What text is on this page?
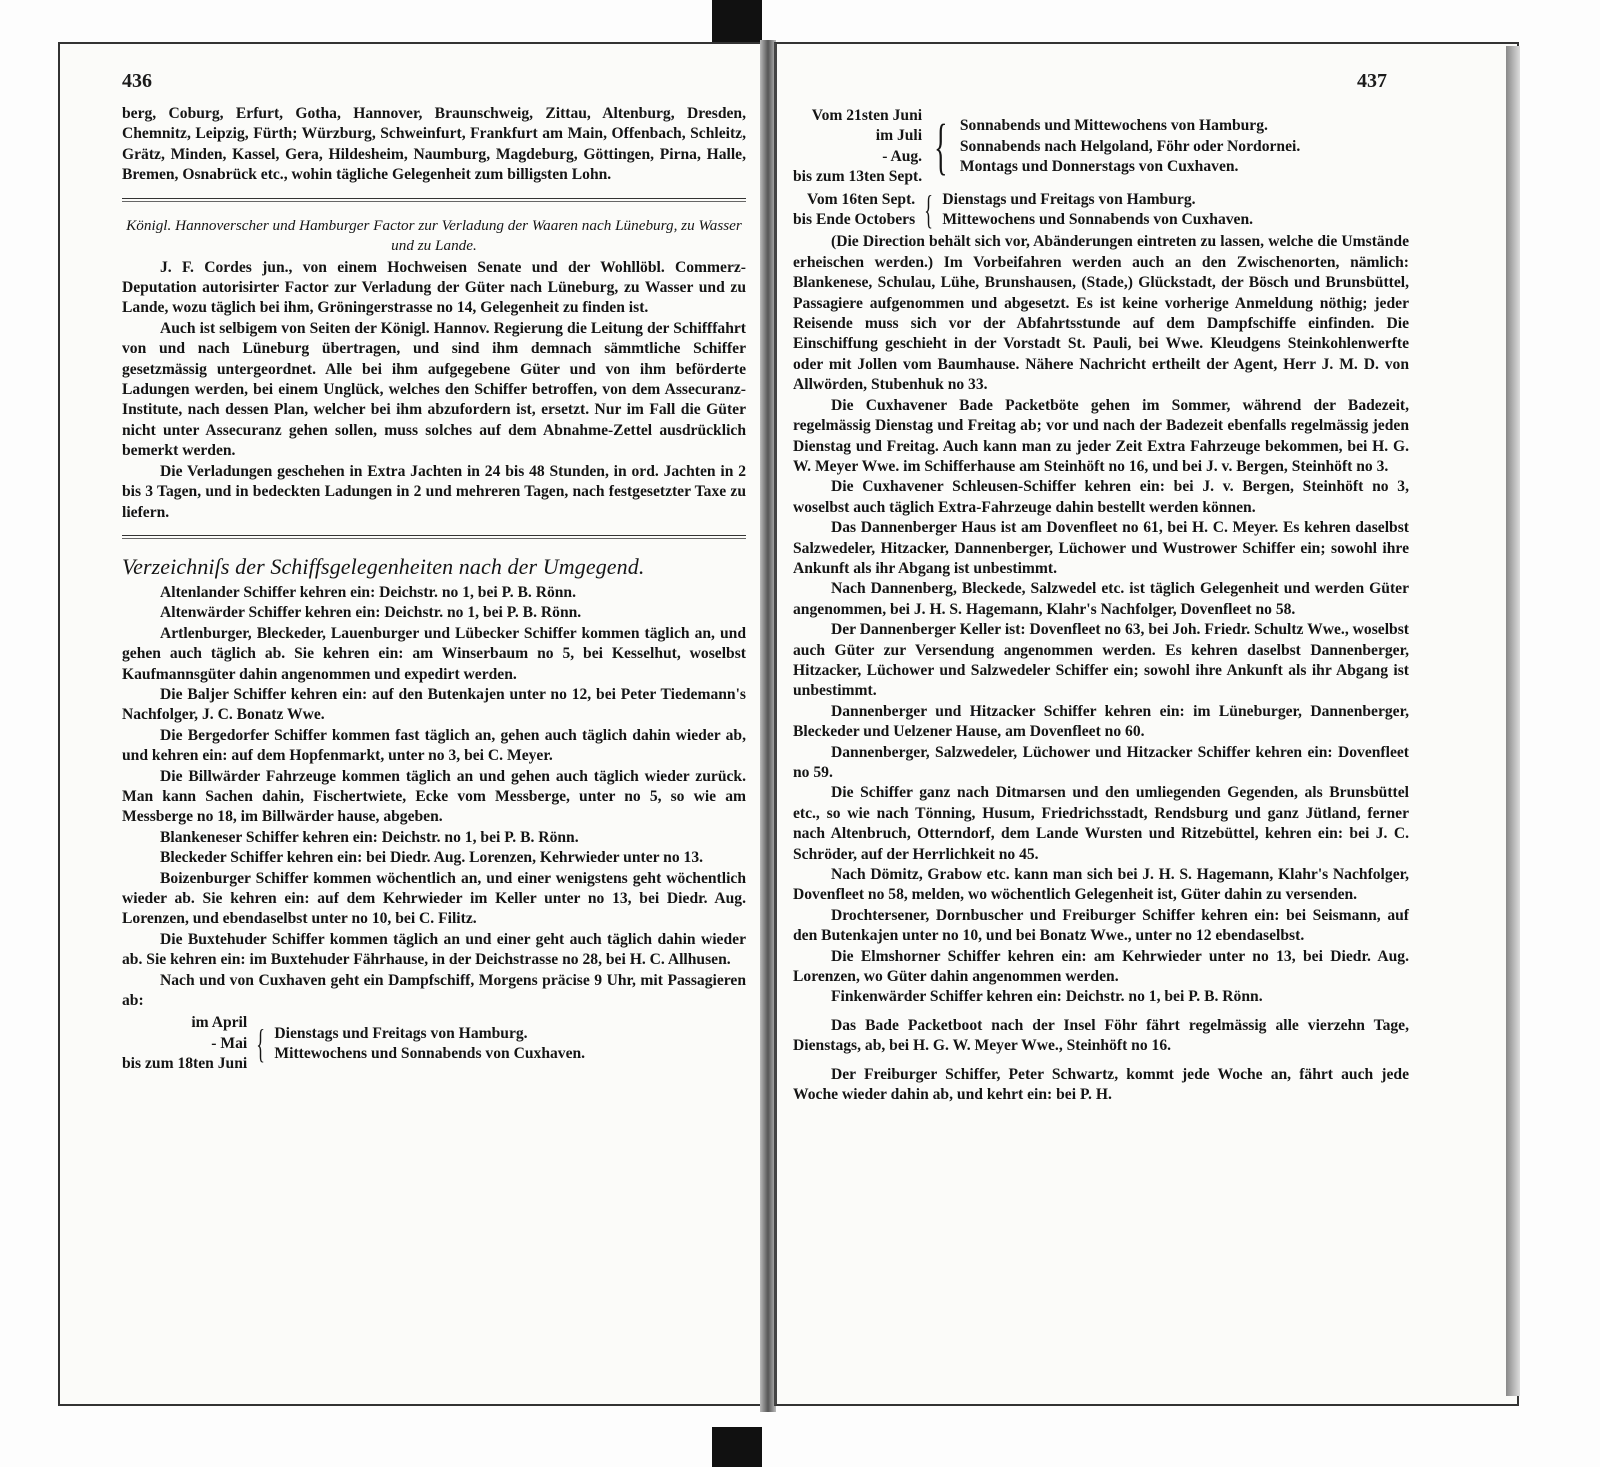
436

berg, Coburg, Erfurt, Gotha, Hannover, Braunschweig, Zittau, Altenburg, Dresden, Chemnitz, Leipzig, Fürth; Würzburg, Schweinfurt, Frankfurt am Main, Offenbach, Schleitz, Grätz, Minden, Kassel, Gera, Hildesheim, Naumburg, Magdeburg, Göttingen, Pirna, Halle, Bremen, Osnabrück etc., wohin tägliche Gelegenheit zum billigsten Lohn.

Königl. Hannoverscher und Hamburger Factor zur Verladung der Waaren nach Lüneburg, zu Wasser und zu Lande.

J. F. Cordes jun., von einem Hochweisen Senate und der Wohllöbl. Commerz-Deputation autorisirter Factor zur Verladung der Güter nach Lüneburg, zu Wasser und zu Lande, wozu täglich bei ihm, Gröningerstrasse no 14, Gelegenheit zu finden ist.

Auch ist selbigem von Seiten der Königl. Hannov. Regierung die Leitung der Schifffahrt von und nach Lüneburg übertragen, und sind ihm demnach sämmtliche Schiffer gesetzmässig untergeordnet. Alle bei ihm aufgegebene Güter und von ihm beförderte Ladungen werden, bei einem Unglück, welches den Schiffer betroffen, von dem Assecuranz-Institute, nach dessen Plan, welcher bei ihm abzufordern ist, ersetzt. Nur im Fall die Güter nicht unter Assecuranz gehen sollen, muss solches auf dem Abnahme-Zettel ausdrücklich bemerkt werden.

Die Verladungen geschehen in Extra Jachten in 24 bis 48 Stunden, in ord. Jachten in 2 bis 3 Tagen, und in bedeckten Ladungen in 2 und mehreren Tagen, nach festgesetzter Taxe zu liefern.

Verzeichniſs der Schiffsgelegenheiten nach der Umgegend.

Altenlander Schiffer kehren ein: Deichstr. no 1, bei P. B. Rönn.

Altenwärder Schiffer kehren ein: Deichstr. no 1, bei P. B. Rönn.

Artlenburger, Bleckeder, Lauenburger und Lübecker Schiffer kommen täglich an, und gehen auch täglich ab. Sie kehren ein: am Winserbaum no 5, bei Kesselhut, woselbst Kaufmannsgüter dahin angenommen und expedirt werden.

Die Baljer Schiffer kehren ein: auf den Butenkajen unter no 12, bei Peter Tiedemann's Nachfolger, J. C. Bonatz Wwe.

Die Bergedorfer Schiffer kommen fast täglich an, gehen auch täglich dahin wieder ab, und kehren ein: auf dem Hopfenmarkt, unter no 3, bei C. Meyer.

Die Billwärder Fahrzeuge kommen täglich an und gehen auch täglich wieder zurück. Man kann Sachen dahin, Fischertwiete, Ecke vom Messberge, unter no 5, so wie am Messberge no 18, im Billwärder hause, abgeben.

Blankeneser Schiffer kehren ein: Deichstr. no 1, bei P. B. Rönn.

Bleckeder Schiffer kehren ein: bei Diedr. Aug. Lorenzen, Kehrwieder unter no 13.

Boizenburger Schiffer kommen wöchentlich an, und einer wenigstens geht wöchentlich wieder ab. Sie kehren ein: auf dem Kehrwieder im Keller unter no 13, bei Diedr. Aug. Lorenzen, und ebendaselbst unter no 10, bei C. Filitz.

Die Buxtehuder Schiffer kommen täglich an und einer geht auch täglich dahin wieder ab. Sie kehren ein: im Buxtehuder Fährhause, in der Deichstrasse no 28, bei H. C. Allhusen.

Nach und von Cuxhaven geht ein Dampfschiff, Morgens präcise 9 Uhr, mit Passagieren ab:

im April
- Mai
bis zum 18ten Juni { Dienstags und Freitags von Hamburg.
Mittewochens und Sonnabends von Cuxhaven.
437
Vom 21sten Juni
im Juli
- Aug.
bis zum 13ten Sept. { Sonnabends und Mittewochens von Hamburg.
Sonnabends nach Helgoland, Föhr oder Nordornei.
Montags und Donnerstags von Cuxhaven.
Vom 16ten Sept.
bis Ende Octobers { Dienstags und Freitags von Hamburg.
Mittewochens und Sonnabends von Cuxhaven.

(Die Direction behält sich vor, Abänderungen eintreten zu lassen, welche die Umstände erheischen werden.) Im Vorbeifahren werden auch an den Zwischenorten, nämlich: Blankenese, Schulau, Lühe, Brunshausen, (Stade,) Glückstadt, der Bösch und Brunsbüttel, Passagiere aufgenommen und abgesetzt. Es ist keine vorherige Anmeldung nöthig; jeder Reisende muss sich vor der Abfahrtsstunde auf dem Dampfschiffe einfinden. Die Einschiffung geschieht in der Vorstadt St. Pauli, bei Wwe. Kleudgens Steinkohlenwerfte oder mit Jollen vom Baumhause. Nähere Nachricht ertheilt der Agent, Herr J. M. D. von Allwörden, Stubenhuk no 33.

Die Cuxhavener Bade Packetböte gehen im Sommer, während der Badezeit, regelmässig Dienstag und Freitag ab; vor und nach der Badezeit ebenfalls regelmässig jeden Dienstag und Freitag. Auch kann man zu jeder Zeit Extra Fahrzeuge bekommen, bei H. G. W. Meyer Wwe. im Schifferhause am Steinhöft no 16, und bei J. v. Bergen, Steinhöft no 3.

Die Cuxhavener Schleusen-Schiffer kehren ein: bei J. v. Bergen, Steinhöft no 3, woselbst auch täglich Extra-Fahrzeuge dahin bestellt werden können.

Das Dannenberger Haus ist am Dovenfleet no 61, bei H. C. Meyer. Es kehren daselbst Salzwedeler, Hitzacker, Dannenberger, Lüchower und Wustrower Schiffer ein; sowohl ihre Ankunft als ihr Abgang ist unbestimmt.

Nach Dannenberg, Bleckede, Salzwedel etc. ist täglich Gelegenheit und werden Güter angenommen, bei J. H. S. Hagemann, Klahr's Nachfolger, Dovenfleet no 58.

Der Dannenberger Keller ist: Dovenfleet no 63, bei Joh. Friedr. Schultz Wwe., woselbst auch Güter zur Versendung angenommen werden. Es kehren daselbst Dannenberger, Hitzacker, Lüchower und Salzwedeler Schiffer ein; sowohl ihre Ankunft als ihr Abgang ist unbestimmt.

Dannenberger und Hitzacker Schiffer kehren ein: im Lüneburger, Dannenberger, Bleckeder und Uelzener Hause, am Dovenfleet no 60.

Dannenberger, Salzwedeler, Lüchower und Hitzacker Schiffer kehren ein: Dovenfleet no 59.

Die Schiffer ganz nach Ditmarsen und den umliegenden Gegenden, als Brunsbüttel etc., so wie nach Tönning, Husum, Friedrichsstadt, Rendsburg und ganz Jütland, ferner nach Altenbruch, Otterndorf, dem Lande Wursten und Ritzebüttel, kehren ein: bei J. C. Schröder, auf der Herrlichkeit no 45.

Nach Dömitz, Grabow etc. kann man sich bei J. H. S. Hagemann, Klahr's Nachfolger, Dovenfleet no 58, melden, wo wöchentlich Gelegenheit ist, Güter dahin zu versenden.

Drochtersener, Dornbuscher und Freiburger Schiffer kehren ein: bei Seismann, auf den Butenkajen unter no 10, und bei Bonatz Wwe., unter no 12 ebendaselbst.

Die Elmshorner Schiffer kehren ein: am Kehrwieder unter no 13, bei Diedr. Aug. Lorenzen, wo Güter dahin angenommen werden.

Finkenwärder Schiffer kehren ein: Deichstr. no 1, bei P. B. Rönn.

Das Bade Packetboot nach der Insel Föhr fährt regelmässig alle vierzehn Tage, Dienstags, ab, bei H. G. W. Meyer Wwe., Steinhöft no 16.

Der Freiburger Schiffer, Peter Schwartz, kommt jede Woche an, fährt auch jede Woche wieder dahin ab, und kehrt ein: bei P. H.
